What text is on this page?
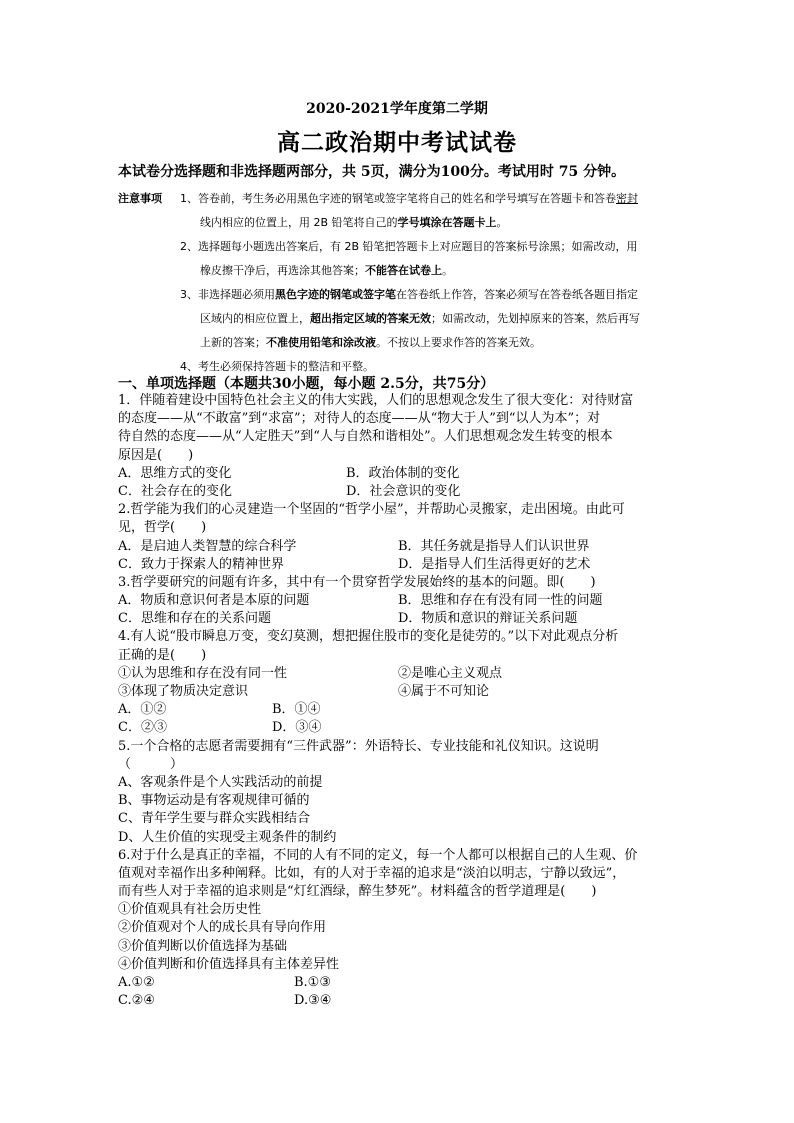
2020-2021学年度第二学期
高二政治期中考试试卷
本试卷分选择题和非选择题两部分，共 5页，满分为100分。考试用时 75 分钟。
注意事项 1、答卷前，考生务必用黑色字迹的钢笔或签字笔将自己的姓名和学号填写在答题卡和答卷密封
线内相应的位置上，用 2B 铅笔将自己的学号填涂在答题卡上。
2、选择题每小题选出答案后，有 2B 铅笔把答题卡上对应题目的答案标号涂黑；如需改动，用
橡皮擦干净后，再选涂其他答案；不能答在试卷上。
3、非选择题必须用黑色字迹的钢笔或签字笔在答卷纸上作答，答案必须写在答卷纸各题目指定
区域内的相应位置上，超出指定区域的答案无效；如需改动，先划掉原来的答案，然后再写
上新的答案；不准使用铅笔和涂改液。不按以上要求作答的答案无效。
4、考生必须保持答题卡的整洁和平整。
一、单项选择题（本题共30小题，每小题 2.5分，共75分）
1．伴随着建设中国特色社会主义的伟大实践，人们的思想观念发生了很大变化：对待财富
的态度——从“不敢富”到“求富”；对待人的态度——从“物大于人”到“以人为本”；对
待自然的态度——从“人定胜天”到“人与自然和谐相处”。人们思想观念发生转变的根本
原因是(　　)
A．思维方式的变化	B．政治体制的变化
C．社会存在的变化	D．社会意识的变化
2.哲学能为我们的心灵建造一个坚固的“哲学小屋”，并帮助心灵搬家，走出困境。由此可
见，哲学(　　)
A．是启迪人类智慧的综合科学	B．其任务就是指导人们认识世界
C．致力于探索人的精神世界	D．是指导人们生活得更好的艺术
3.哲学要研究的问题有许多，其中有一个贯穿哲学发展始终的基本的问题。即(　　)
A．物质和意识何者是本原的问题	B．思维和存在有没有同一性的问题
C．思维和存在的关系问题	D．物质和意识的辩证关系问题
4.有人说“股市瞬息万变，变幻莫测，想把握住股市的变化是徒劳的。”以下对此观点分析
正确的是(　　)
①认为思维和存在没有同一性	②是唯心主义观点
③体现了物质决定意识	④属于不可知论
A．①②	B．①④
C．②③	D．③④
5.一个合格的志愿者需要拥有“三件武器”：外语特长、专业技能和礼仪知识。这说明
（　　　）
A、客观条件是个人实践活动的前提
B、事物运动是有客观规律可循的
C、青年学生要与群众实践相结合
D、人生价值的实现受主观条件的制约
6.对于什么是真正的幸福，不同的人有不同的定义，每一个人都可以根据自己的人生观、价
值观对幸福作出多种阐释。比如，有的人对于幸福的追求是“淡泊以明志，宁静以致远”，
而有些人对于幸福的追求则是“灯红酒绿，醉生梦死”。材料蕴含的哲学道理是(　　)
①价值观具有社会历史性
②价值观对个人的成长具有导向作用
③价值判断以价值选择为基础
④价值判断和价值选择具有主体差异性
A.①②	B.①③
C.②④	D.③④
